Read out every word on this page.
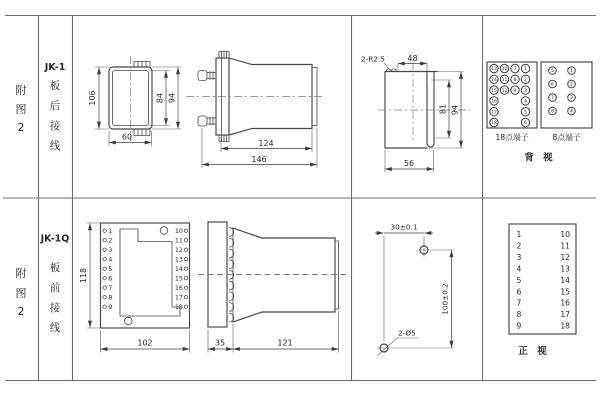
附
图
2
JK-1
板
后
接
线
106	84 94
60
124
146
48
2-R2.5
81 94
56
13
14
15
16
17
18
10
11
12
7
8
9
1
2
3
4
5
6
18点端子
5
6
7
8
1
2
3
4
8点端子
背 视
附
图
2
JK-1Q
板
前
接
线
1
2
3
4
5
6
7
8
9
10
11
12
13
14
15
16
17
18
118
102	35	121
30±0.1
100±0.2
2-Ø5
1	10
2	11
3	12
4	13
5	14
6	15
7	16
8	17
9	18
正 视
